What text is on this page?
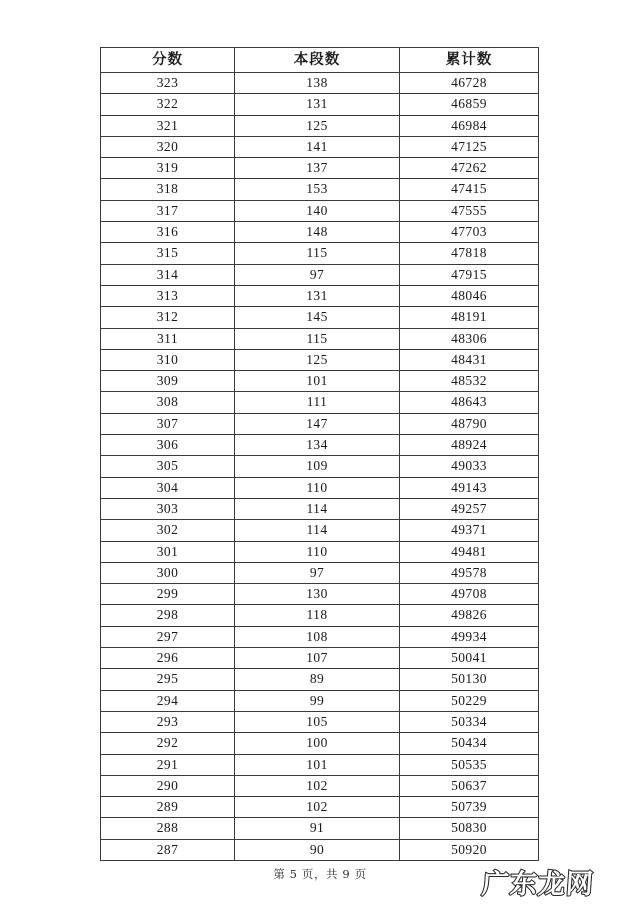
分数	本段数	累计数
323	138	46728
322	131	46859
321	125	46984
320	141	47125
319	137	47262
318	153	47415
317	140	47555
316	148	47703
315	115	47818
314	97	47915
313	131	48046
312	145	48191
311	115	48306
310	125	48431
309	101	48532
308	111	48643
307	147	48790
306	134	48924
305	109	49033
304	110	49143
303	114	49257
302	114	49371
301	110	49481
300	97	49578
299	130	49708
298	118	49826
297	108	49934
296	107	50041
295	89	50130
294	99	50229
293	105	50334
292	100	50434
291	101	50535
290	102	50637
289	102	50739
288	91	50830
287	90	50920
第 5 页，共 9 页	广东龙网
